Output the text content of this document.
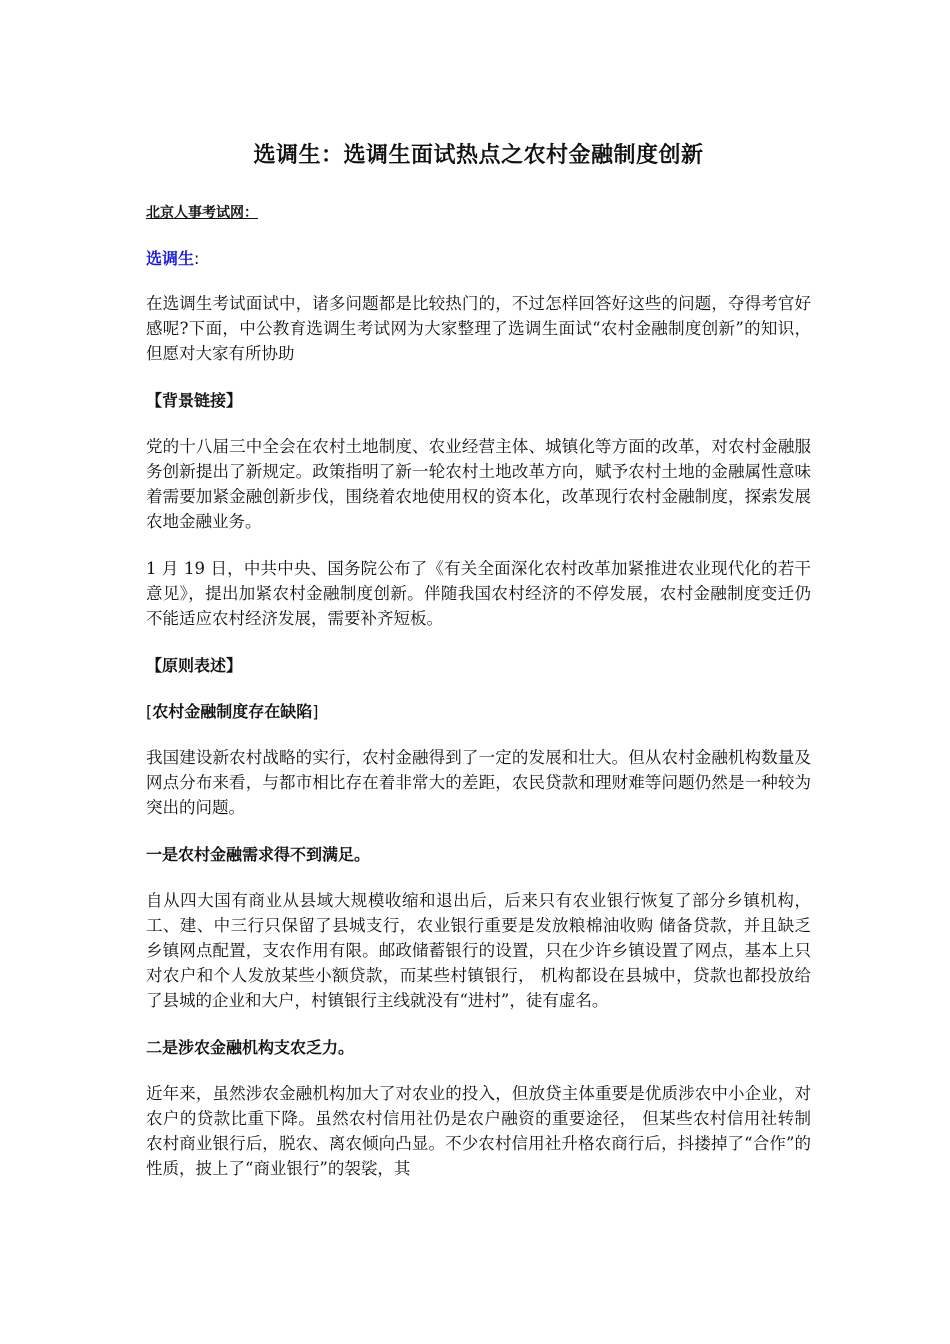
选调生：选调生面试热点之农村金融制度创新
北京人事考试网：
选调生:

在选调生考试面试中，诸多问题都是比较热门的，不过怎样回答好这些的问题，夺得考官好感呢?下面，中公教育选调生考试网为大家整理了选调生面试“农村金融制度创新”的知识，但愿对大家有所协助

【背景链接】

党的十八届三中全会在农村土地制度、农业经营主体、城镇化等方面的改革，对农村金融服务创新提出了新规定。政策指明了新一轮农村土地改革方向，赋予农村土地的金融属性意味着需要加紧金融创新步伐，围绕着农地使用权的资本化，改革现行农村金融制度，探索发展农地金融业务。

1 月 19 日，中共中央、国务院公布了《有关全面深化农村改革加紧推进农业现代化的若干意见》，提出加紧农村金融制度创新。伴随我国农村经济的不停发展，农村金融制度变迁仍不能适应农村经济发展，需要补齐短板。

【原则表述】
[农村金融制度存在缺陷]

我国建设新农村战略的实行，农村金融得到了一定的发展和壮大。但从农村金融机构数量及网点分布来看，与都市相比存在着非常大的差距，农民贷款和理财难等问题仍然是一种较为突出的问题。

一是农村金融需求得不到满足。

自从四大国有商业从县域大规模收缩和退出后，后来只有农业银行恢复了部分乡镇机构，工、建、中三行只保留了县城支行，农业银行重要是发放粮棉油收购 储备贷款，并且缺乏乡镇网点配置，支农作用有限。邮政储蓄银行的设置，只在少许乡镇设置了网点，基本上只对农户和个人发放某些小额贷款，而某些村镇银行， 机构都设在县城中，贷款也都投放给了县城的企业和大户，村镇银行主线就没有“进村”，徒有虚名。

二是涉农金融机构支农乏力。

近年来，虽然涉农金融机构加大了对农业的投入，但放贷主体重要是优质涉农中小企业，对农户的贷款比重下降。虽然农村信用社仍是农户融资的重要途径， 但某些农村信用社转制农村商业银行后，脱农、离农倾向凸显。不少农村信用社升格农商行后，抖搂掉了“合作”的性质，披上了“商业银行”的袈裟，其
